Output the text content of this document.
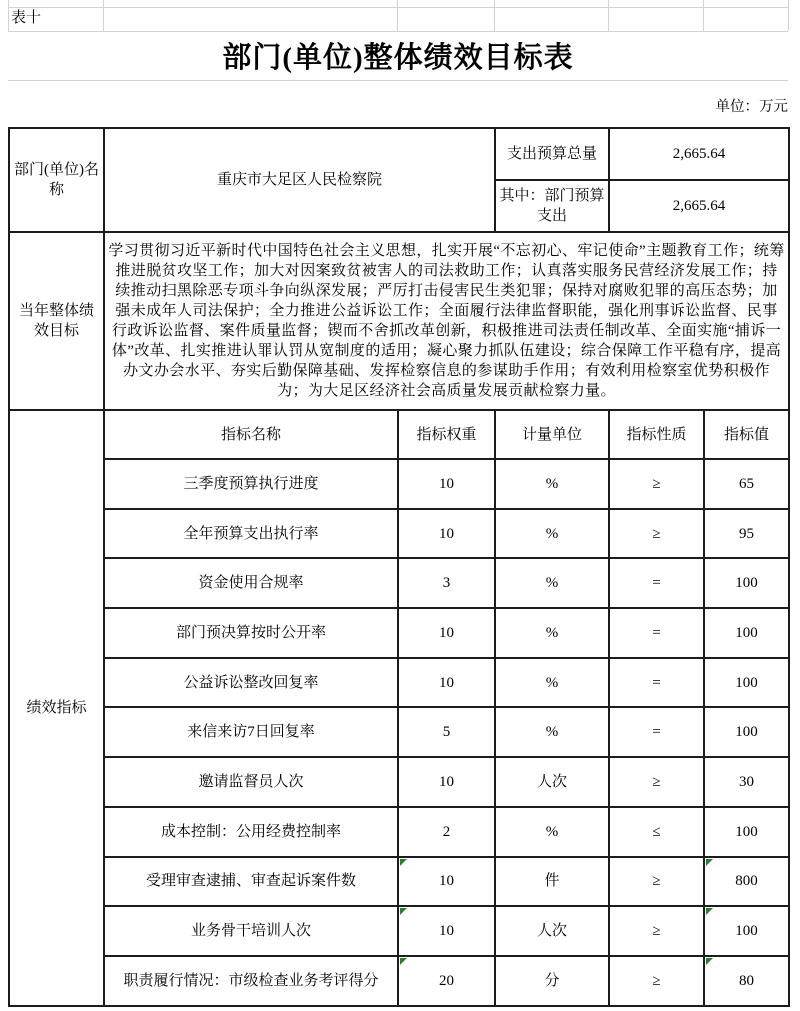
表十
部门(单位)整体绩效目标表
单位：万元
部门(单位)名称	重庆市大足区人民检察院		支出预算总量	2,665.64	
			其中：部门预算支出	2,665.64	
当年整体绩效目标	学习贯彻习近平新时代中国特色社会主义思想，扎实开展“不忘初心、牢记使命”主题教育工作；统筹推进脱贫攻坚工作；加大对因案致贫被害人的司法救助工作；认真落实服务民营经济发展工作；持续推动扫黑除恶专项斗争向纵深发展；严厉打击侵害民生类犯罪；保持对腐败犯罪的高压态势；加强未成年人司法保护；全力推进公益诉讼工作；全面履行法律监督职能，强化刑事诉讼监督、民事行政诉讼监督、案件质量监督；锲而不舍抓改革创新，积极推进司法责任制改革、全面实施“捕诉一体”改革、扎实推进认罪认罚从宽制度的适用；凝心聚力抓队伍建设；综合保障工作平稳有序，提高办文办会水平、夯实后勤保障基础、发挥检察信息的参谋助手作用；有效利用检察室优势积极作为；为大足区经济社会高质量发展贡献检察力量。				
绩效指标	指标名称	指标权重	计量单位	指标性质	指标值
	三季度预算执行进度	10	%	≥	65
	全年预算支出执行率	10	%	≥	95
	资金使用合规率	3	%	=	100
	部门预决算按时公开率	10	%	=	100
	公益诉讼整改回复率	10	%	=	100
	来信来访7日回复率	5	%	=	100
	邀请监督员人次	10	人次	≥	30
	成本控制：公用经费控制率	2	%	≤	100
	受理审查逮捕、审查起诉案件数	10	件	≥	800

	业务骨干培训人次	10	人次	≥	100

	职责履行情况：市级检查业务考评得分	20	分	≥	80
